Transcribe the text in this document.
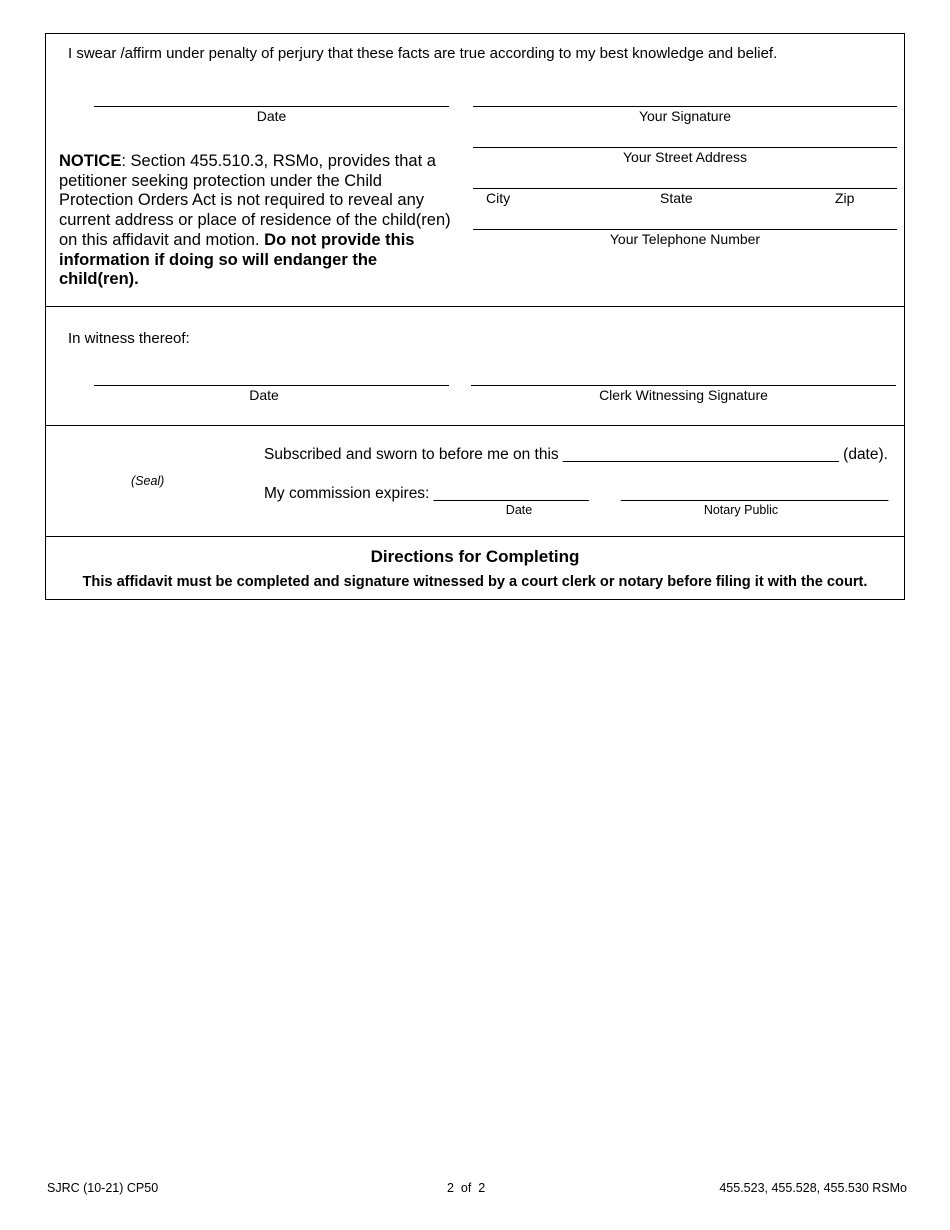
I swear /affirm under penalty of perjury that these facts are true according to my best knowledge and belief.
Date	Your Signature
Your Street Address
City	State	Zip
Your Telephone Number
NOTICE: Section 455.510.3, RSMo, provides that a petitioner seeking protection under the Child Protection Orders Act is not required to reveal any current address or place of residence of the child(ren) on this affidavit and motion. Do not provide this information if doing so will endanger the child(ren).
In witness thereof:
Date	Clerk Witnessing Signature
(Seal)
Subscribed and sworn to before me on this ________________________________ (date).
My commission expires: __________________ _______________________________
Date	Notary Public
Directions for Completing
This affidavit must be completed and signature witnessed by a court clerk or notary before filing it with the court.
SJRC (10-21) CP50	2 of 2	455.523, 455.528, 455.530 RSMo
